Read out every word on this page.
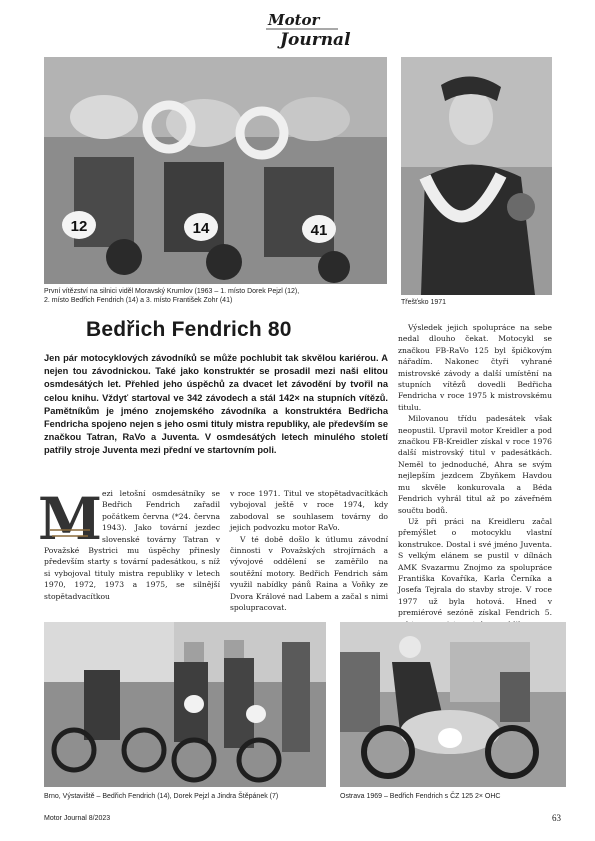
Motor
Journal
12	14	41
První vítězství na silnici viděl Moravský Krumlov (1963 – 1. místo Dorek Pejzl (12),
2. místo Bedřich Fendrich (14) a 3. místo František Zohr (41)	Třešťsko 1971
Bedřich Fendrich 80
Jen pár motocyklových závodníků se může pochlubit tak skvělou kariérou. A nejen tou závodnickou. Také jako konstruktér se prosadil mezi naši elitou osmdesátých let. Přehled jeho úspěchů za dvacet let závodění by tvořil na celou knihu. Vždyť startoval ve 342 závodech a stál 142× na stupních vítězů. Pamětníkům je jméno znojemského závodníka a konstruktéra Bedřicha Fendricha spojeno nejen s jeho osmi tituly mistra republiky, ale především se značkou Tatran, RaVo a Juventa. V osmdesátých letech minulého století patřily stroje Juventa mezi přední ve startovním poli.
M ezi letošní osmdesátníky se Bedřich Fendrich zařadil počátkem června (*24. června 1943). Jako tovární jezdec slovenské továrny Tatran v Považské Bystrici mu úspěchy přinesly především starty s tovární padesátkou, s níž si vybojoval tituly mistra republiky v letech 1970, 1972, 1973 a 1975, se silnější stopětadvacítkou

v roce 1971. Titul ve stopětadvacítkách vybojoval ještě v roce 1974, kdy zabodoval se souhlasem továrny do jejich podvozku motor RaVo.

V té době došlo k útlumu závodní činnosti v Považských strojírnách a vývojové oddělení se zaměřilo na soutěžní motory. Bedřich Fendrich sám využil nabídky pánů Raina a Voňky ze Dvora Králové nad Labem a začal s nimi spolupracovat.

Výsledek jejich spolupráce na sebe nedal dlouho čekat. Motocykl se značkou FB-RaVo 125 byl špičkovým nářadím. Nakonec čtyři vyhrané mistrovské závody a další umístění na stupních vítězů dovedli Bedřicha Fendricha v roce 1975 k mistrovskému titulu.

Milovanou třídu padesátek však neopustil. Upravil motor Kreidler a pod značkou FB-Kreidler získal v roce 1976 další mistrovský titul v padesátkách. Neměl to jednoduché, Ahra se svým nejlepším jezdcem Zbyňkem Havdou mu skvěle konkurovala a Béda Fendrich vyhrál titul až po záveřném součtu bodů.

Už při práci na Kreidleru začal přemýšlet o motocyklu vlastní konstrukce. Dostal i své jméno Juventa. S velkým elánem se pustil v dílnách AMK Svazarmu Znojmo za spolupráce Františka Kovaříka, Karla Černíka a Josefa Tejrala do stavby stroje. V roce 1977 už byla hotová. Hned v premiérové sezóně získal Fendrich 5.

Brno, Výstaviště – Bedřich Fendrich (14), Dorek Pejzl a Jindra Štěpánek (7)	Ostrava 1969 – Bedřich Fendrich s ČZ 125 2× OHC
Motor Journal 8/2023	63
